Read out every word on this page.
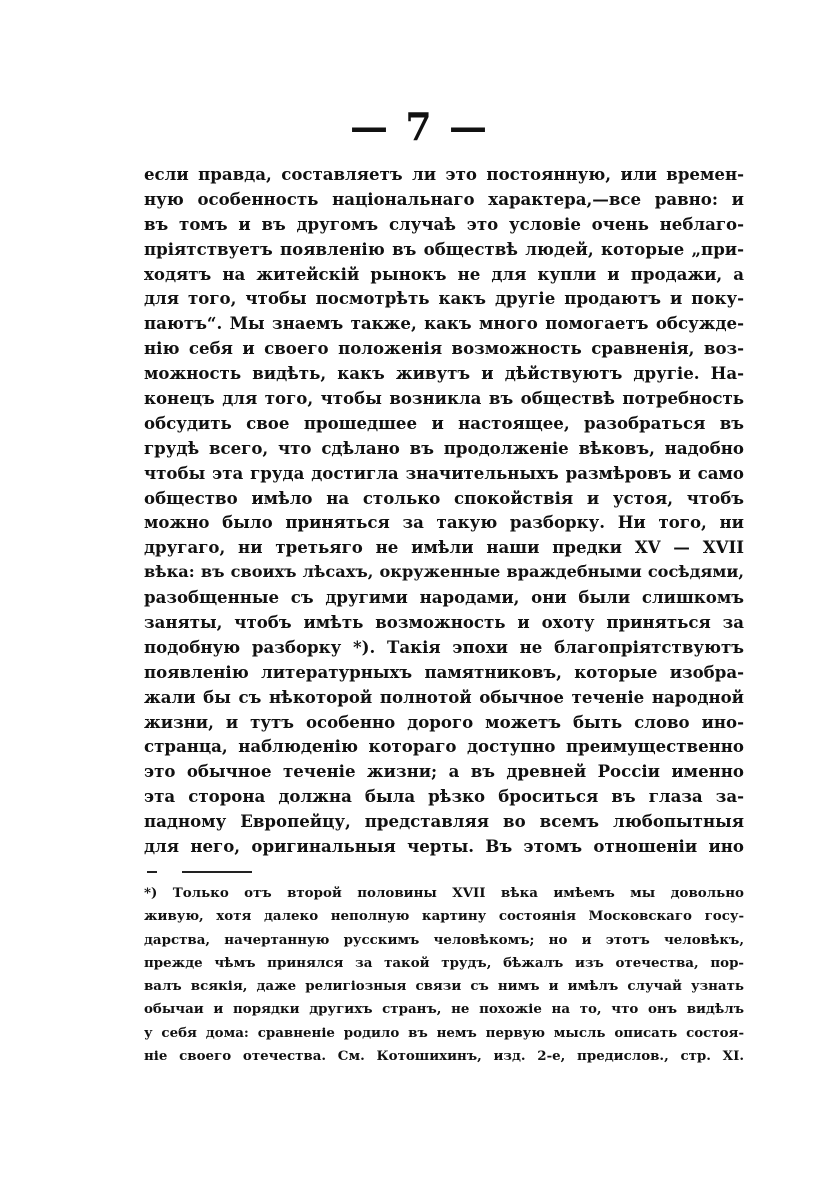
— 7 —
если правда, составляетъ ли это постоянную, или времен-
ную особенность національнаго характера,—все равно: и
въ томъ и въ другомъ случаѣ это условіе очень неблаго-
пріятствуетъ появленію въ обществѣ людей, которые „при-
ходятъ на житейскій рынокъ не для купли и продажи, а
для того, чтобы посмотрѣть какъ другіе продаютъ и поку-
паютъ“. Мы знаемъ также, какъ много помогаетъ обсужде-
нію себя и своего положенія возможность сравненія, воз-
можность видѣть, какъ живутъ и дѣйствуютъ другіе. На-
конецъ для того, чтобы возникла въ обществѣ потребность
обсудить свое прошедшее и настоящее, разобраться въ
грудѣ всего, что сдѣлано въ продолженіе вѣковъ, надобно
чтобы эта груда достигла значительныхъ размѣровъ и само
общество имѣло на столько спокойствія и устоя, чтобъ
можно было приняться за такую разборку. Ни того, ни
другаго, ни третьяго не имѣли наши предки XV — XVII
вѣка: въ своихъ лѣсахъ, окруженные враждебными сосѣдями,
разобщенные съ другими народами, они были слишкомъ
заняты, чтобъ имѣть возможность и охоту приняться за
подобную разборку *). Такія эпохи не благопріятствуютъ
появленію литературныхъ памятниковъ, которые изобра-
жали бы съ нѣкоторой полнотой обычное теченіе народной
жизни, и тутъ особенно дорого можетъ быть слово ино-
странца, наблюденію котораго доступно преимущественно
это обычное теченіе жизни; а въ древней Россіи именно
эта сторона должна была рѣзко броситься въ глаза за-
падному Европейцу, представляя во всемъ любопытныя
для него, оригинальныя черты. Въ этомъ отношеніи ино
*) Только отъ второй половины XVII вѣка имѣемъ мы довольно
живую, хотя далеко неполную картину состоянія Московскаго госу-
дарства, начертанную русскимъ человѣкомъ; но и этотъ человѣкъ,
прежде чѣмъ принялся за такой трудъ, бѣжалъ изъ отечества, пор-
валъ всякія, даже религіозныя связи съ нимъ и имѣлъ случай узнать
обычаи и порядки другихъ странъ, не похожіе на то, что онъ видѣлъ
у себя дома: сравненіе родило въ немъ первую мысль описать состоя-
ніе своего отечества. См. Котошихинъ, изд. 2-е, предислов., стр. XI.
